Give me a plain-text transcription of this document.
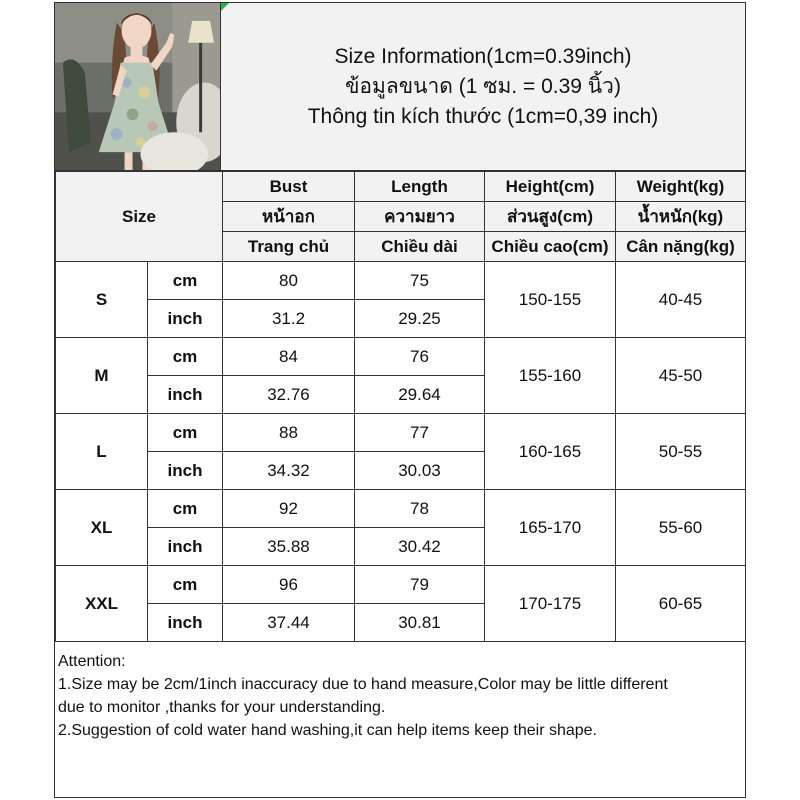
Size Information(1cm=0.39inch)
ข้อมูลขนาด (1 ซม. = 0.39 นิ้ว)
Thông tin kích thước (1cm=0,39 inch)
Size		Bust	Length	Height(cm)	Weight(kg)
		หน้าอก	ความยาว	ส่วนสูง(cm)	น้ำหนัก(kg)
		Trang chủ	Chiều dài	Chiều cao(cm)	Cân nặng(kg)
S	cm	80	75	150-155	40-45
	inch	31.2	29.25		
M	cm	84	76	155-160	45-50
	inch	32.76	29.64		
L	cm	88	77	160-165	50-55
	inch	34.32	30.03		
XL	cm	92	78	165-170	55-60
	inch	35.88	30.42		
XXL	cm	96	79	170-175	60-65
	inch	37.44	30.81		
Attention:
1.Size may be 2cm/1inch inaccuracy due to hand measure,Color may be little different
due to monitor ,thanks for your understanding.
2.Suggestion of cold water hand washing,it can help items keep their shape.
